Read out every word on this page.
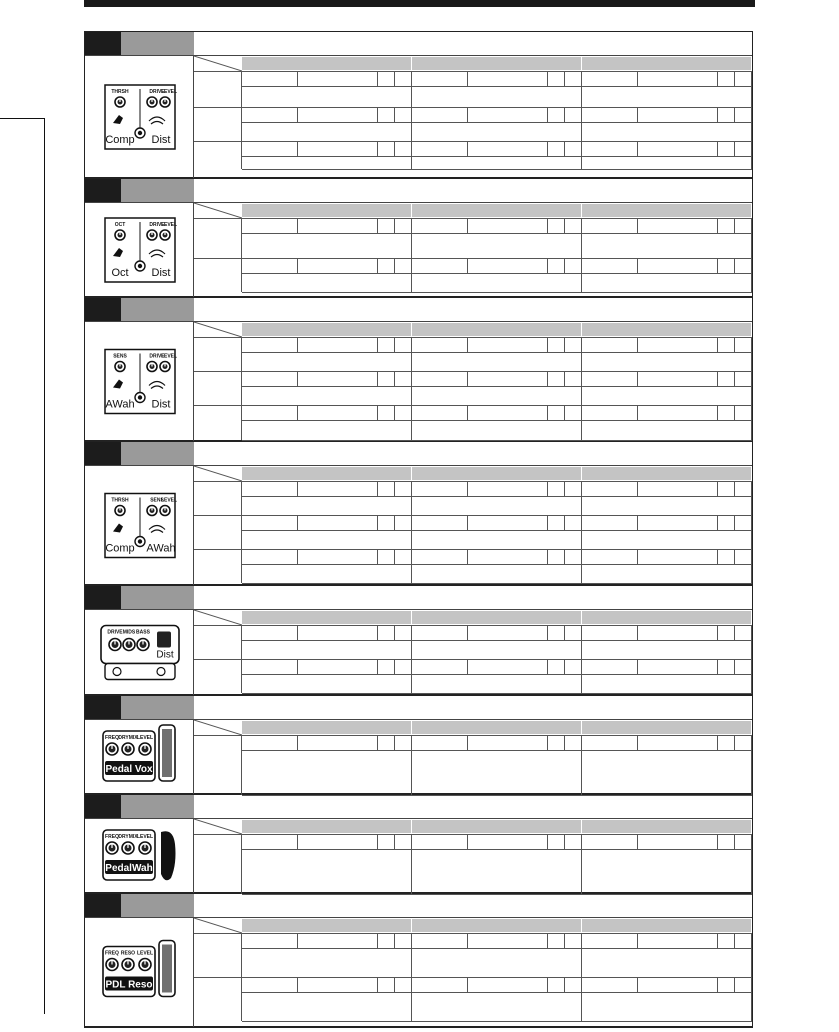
THRSH	DRIVE
LEVEL
Comp Dist
OCT	DRIVE
LEVEL
Oct Dist
SENS	DRIVE
LEVEL
AWah Dist
THRSH	SENS
LEVEL
Comp AWah
DRIVE MIDS BASS
Dist
FREQ DRYMIX LEVEL
Pedal Vox
FREQ DRYMIX LEVEL
PedalWah
FREQ RESO LEVEL
PDL Reso
